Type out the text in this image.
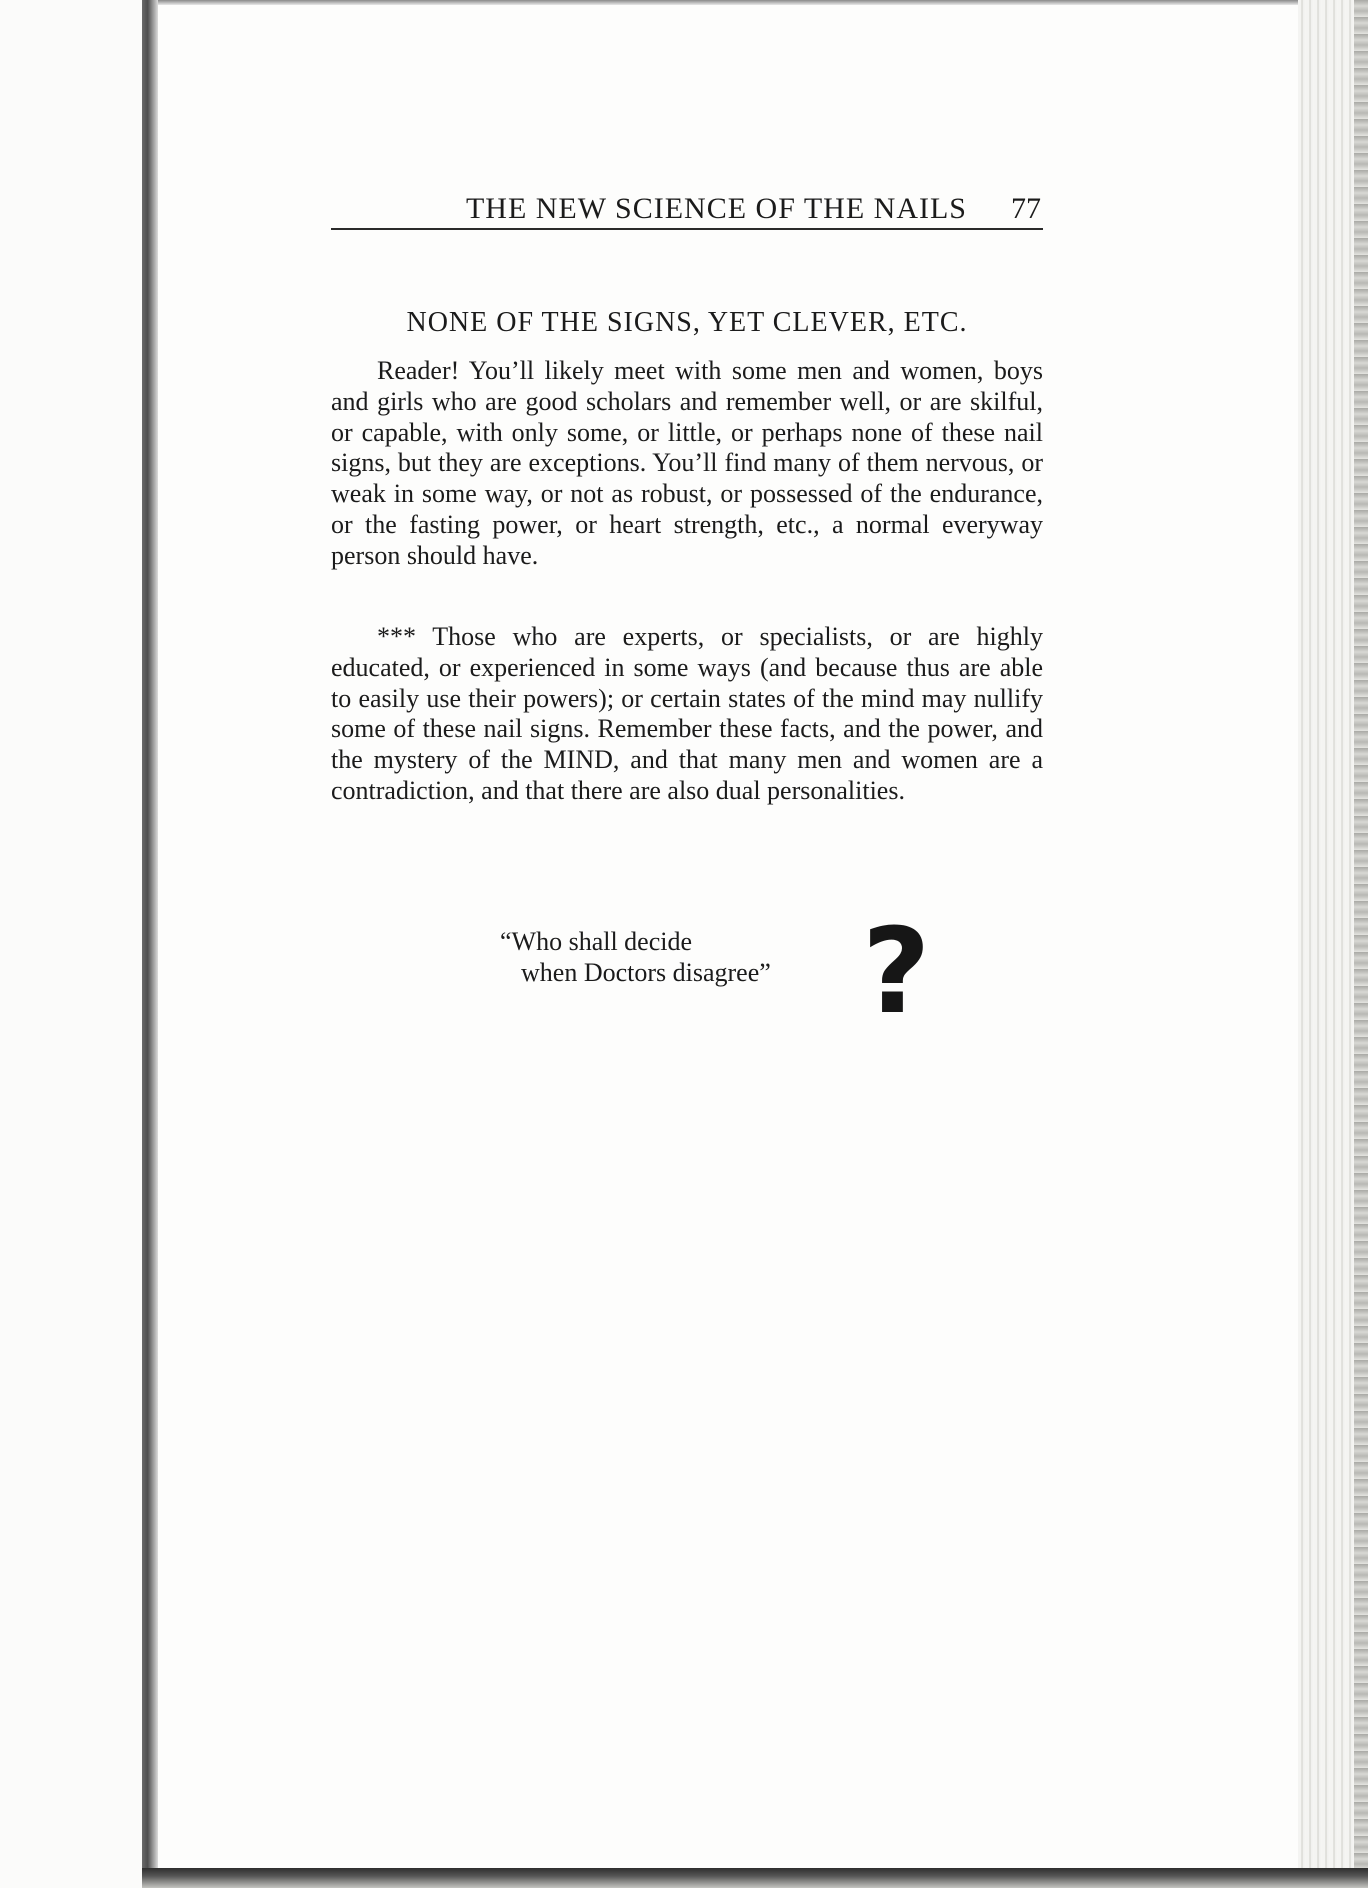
THE NEW SCIENCE OF THE NAILS 77
NONE OF THE SIGNS, YET CLEVER, ETC.

Reader! You’ll likely meet with some men and women, boys and girls who are good scholars and remember well, or are skilful, or capable, with only some, or little, or perhaps none of these nail signs, but they are exceptions. You’ll find many of them nervous, or weak in some way, or not as robust, or possessed of the endurance, or the fasting power, or heart strength, etc., a normal everyway person should have.

*** Those who are experts, or specialists, or are highly educated, or experienced in some ways (and because thus are able to easily use their powers); or certain states of the mind may nullify some of these nail signs. Remember these facts, and the power, and the mystery of the MIND, and that many men and women are a contradiction, and that there are also dual personalities.

“Who shall decide
when Doctors disagree” ?
